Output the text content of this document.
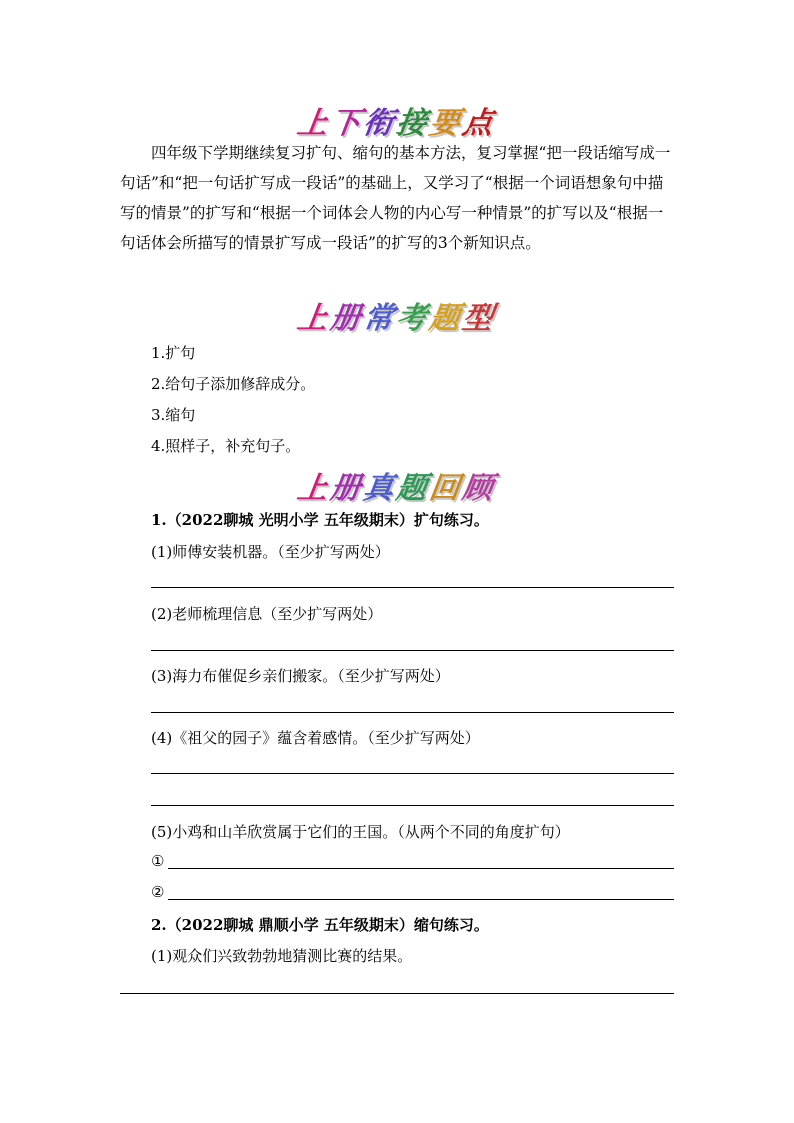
上下衔接要点

四年级下学期继续复习扩句、缩句的基本方法，复习掌握“把一段话缩写成一句话”和“把一句话扩写成一段话”的基础上，又学习了“根据一个词语想象句中描写的情景”的扩写和“根据一个词体会人物的内心写一种情景”的扩写以及“根据一句话体会所描写的情景扩写成一段话”的扩写的3个新知识点。

上册常考题型
1.扩句
2.给句子添加修辞成分。
3.缩句
4.照样子，补充句子。
上册真题回顾
1.（2022聊城 光明小学 五年级期末）扩句练习。
(1)师傅安装机器。（至少扩写两处）
(2)老师梳理信息（至少扩写两处）
(3)海力布催促乡亲们搬家。（至少扩写两处）
(4)《祖父的园子》蕴含着感情。（至少扩写两处）
(5)小鸡和山羊欣赏属于它们的王国。（从两个不同的角度扩句）
①
②
2.（2022聊城 鼎顺小学 五年级期末）缩句练习。
(1)观众们兴致勃勃地猜测比赛的结果。
